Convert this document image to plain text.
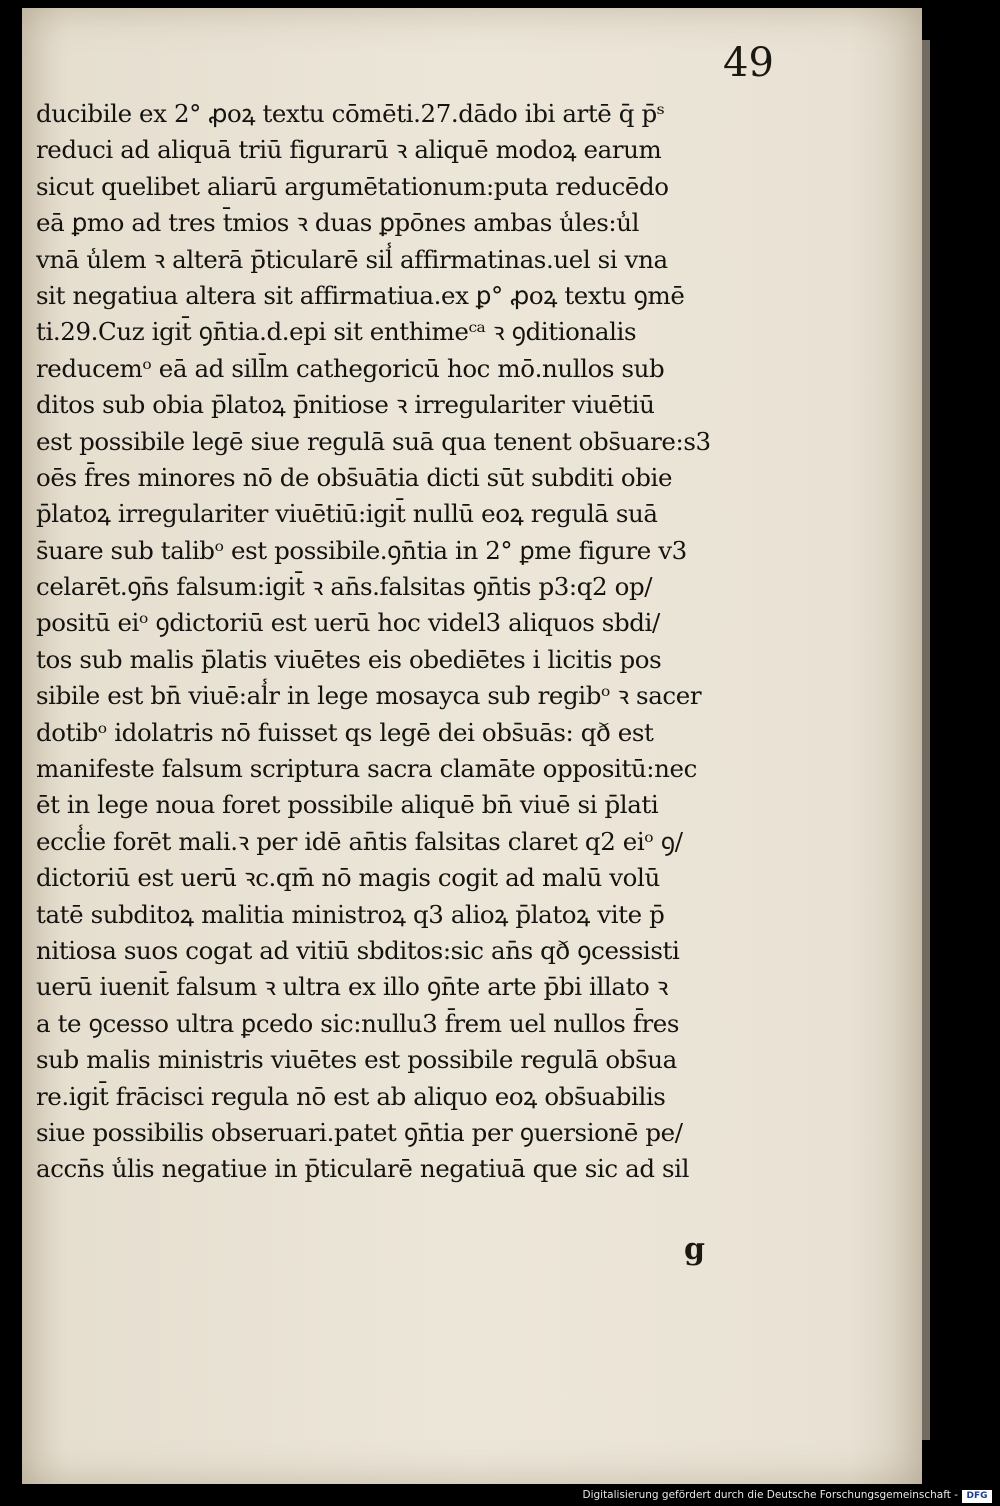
49
ducibile ex 2° ꝓoꝝ textu cōmēti.27.dādo ibi artē q̄ p̄ˢ
reduci ad aliquā triū figurarū ꝛ aliquē modoꝝ earum
sicut quelibet aliarū argumētationum:puta reducēdo
eā ꝑmo ad tres t̄mios ꝛ duas ꝑpōnes ambas u̾les:u̾l
vnā u̾lem ꝛ alterā p̄ticularē sil̾ affirmatinas.uel si vna
sit negatiua altera sit affirmatiua.ex ꝑ° ꝓoꝝ textu ꝯmē
ti.29.Cuz igit̄ ꝯn̄tia.d.epi sit enthimeᶜᵃ ꝛ ꝯditionalis
reducemᵒ eā ad sill̄m cathegoricū hoc mō.nullos sub
ditos sub obia p̄latoꝝ p̄nitiose ꝛ irregulariter viuētiū
est possibile legē siue regulā suā qua tenent obs̄uare:s3
oēs f̄res minores nō de obs̄uātia dicti sūt subditi obie
p̄latoꝝ irregulariter viuētiū:igit̄ nullū eoꝝ regulā suā
s̄uare sub talibᵒ est possibile.ꝯn̄tia in 2° ꝑme figure v3
celarēt.ꝯn̄s falsum:igit̄ ꝛ an̄s.falsitas ꝯn̄tis p3:q2 op/
positū eiᵒ ꝯdictoriū est uerū hoc videl3 aliquos sbdi/
tos sub malis p̄latis viuētes eis obediētes i licitis pos
sibile est bn̄ viuē:al̾r in lege mosayca sub regibᵒ ꝛ sacer
dotibᵒ idolatris nō fuisset qs legē dei obs̄uās: qð est
manifeste falsum scriptura sacra clamāte oppositū:nec
ēt in lege noua foret possibile aliquē bn̄ viuē si p̄lati
eccl̾ie forēt mali.ꝛ per idē an̄tis falsitas claret q2 eiᵒ ꝯ/
dictoriū est uerū ꝛc.qm̄ nō magis cogit ad malū volū
tatē subditoꝝ malitia ministroꝝ q3 alioꝝ p̄latoꝝ vite p̄
nitiosa suos cogat ad vitiū sbditos:sic an̄s qð ꝯcessisti
uerū iuenit̄ falsum ꝛ ultra ex illo ꝯn̄te arte p̄bi illato ꝛ
a te ꝯcesso ultra ꝑcedo sic:nullu3 f̄rem uel nullos f̄res
sub malis ministris viuētes est possibile regulā obs̄ua
re.igit̄ frācisci regula nō est ab aliquo eoꝝ obs̄uabilis
siue possibilis obseruari.patet ꝯn̄tia per ꝯuersionē pe/
accn̄s u̾lis negatiue in p̄ticularē negatiuā que sic ad sil
g
Digitalisierung gefördert durch die Deutsche Forschungsgemeinschaft - DFG
